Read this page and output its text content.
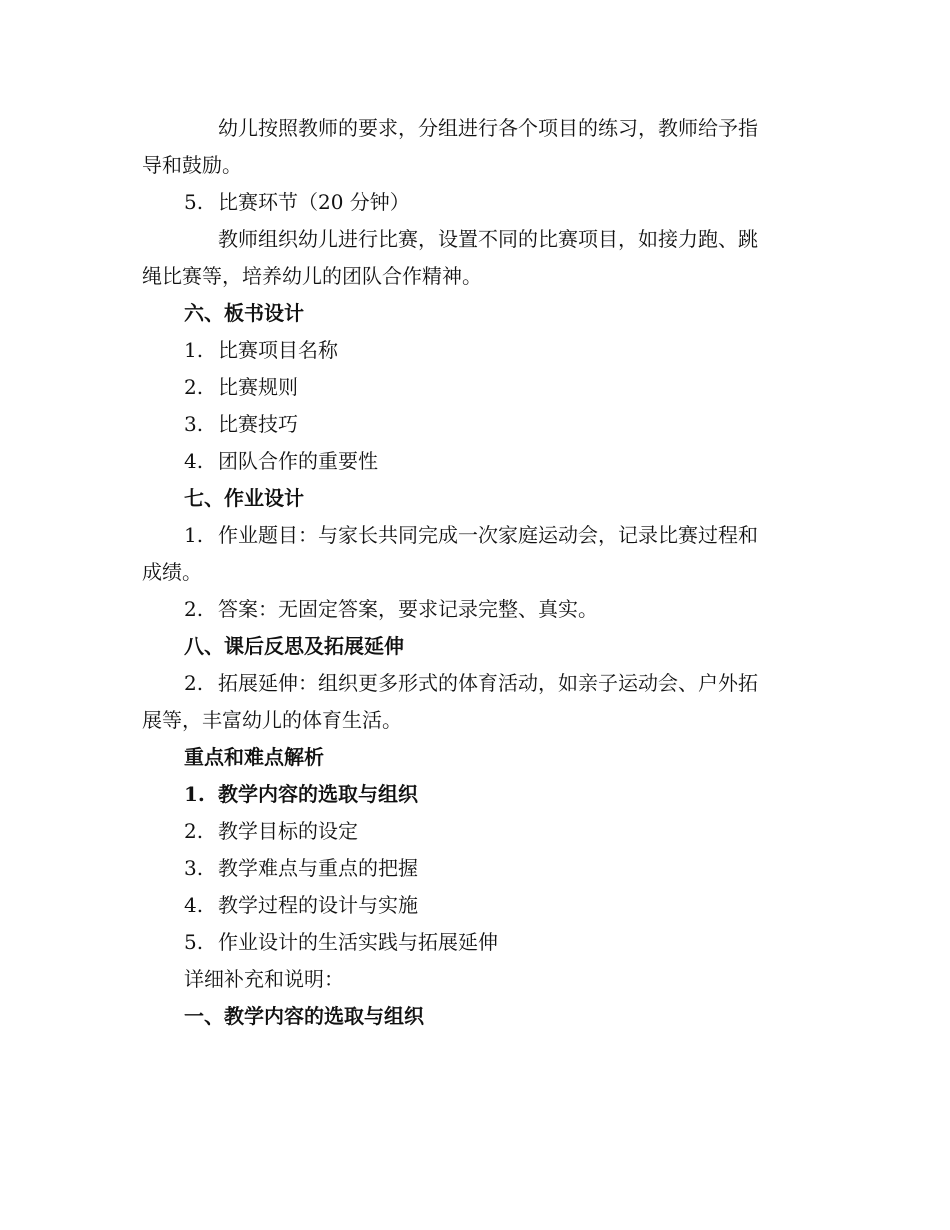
幼儿按照教师的要求，分组进行各个项目的练习，教师给予指
导和鼓励。
5. 比赛环节（20 分钟）
教师组织幼儿进行比赛，设置不同的比赛项目，如接力跑、跳
绳比赛等，培养幼儿的团队合作精神。
六、板书设计
1. 比赛项目名称
2. 比赛规则
3. 比赛技巧
4. 团队合作的重要性
七、作业设计
1. 作业题目：与家长共同完成一次家庭运动会，记录比赛过程和
成绩。
2. 答案：无固定答案，要求记录完整、真实。
八、课后反思及拓展延伸
2. 拓展延伸：组织更多形式的体育活动，如亲子运动会、户外拓
展等，丰富幼儿的体育生活。
重点和难点解析
1. 教学内容的选取与组织
2. 教学目标的设定
3. 教学难点与重点的把握
4. 教学过程的设计与实施
5. 作业设计的生活实践与拓展延伸
详细补充和说明：
一、教学内容的选取与组织
